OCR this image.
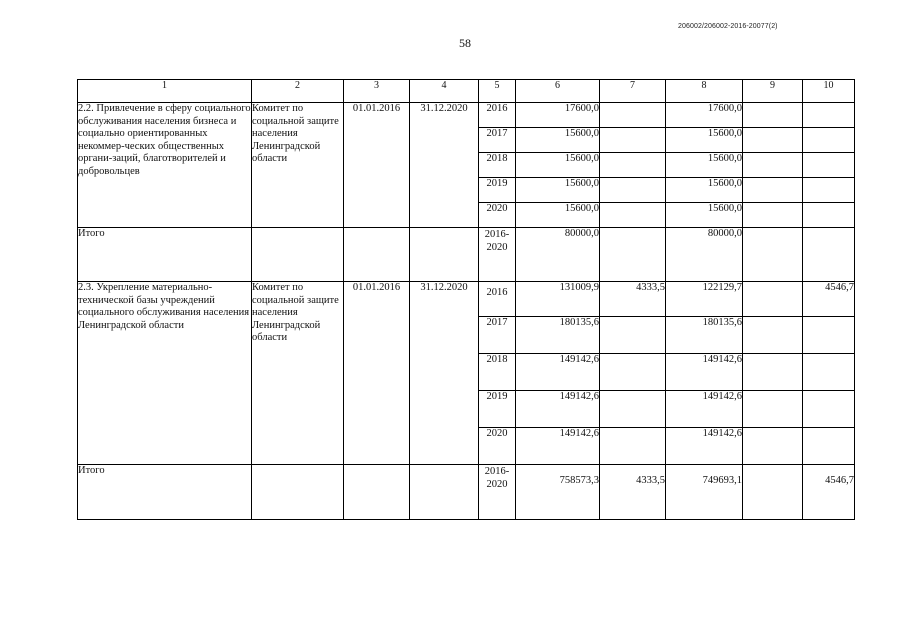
206002/206002-2016-20077(2)
58
1	2	3	4	5	6	7	8	9	10
2.2. Привлечение в сферу социального обслуживания населения бизнеса и социально ориентированных некоммер-ческих общественных органи-заций, благотворителей и добровольцев	Комитет по социальной защите населения Ленинградской области	01.01.2016	31.12.2020	2016	17600,0		17600,0		
				2017	15600,0		15600,0		
				2018	15600,0		15600,0		
				2019	15600,0		15600,0		
				2020	15600,0		15600,0		
Итого				2016-2020	80000,0		80000,0		
2.3. Укрепление материально-технической базы учреждений социального обслуживания населения Ленинградской области	Комитет по социальной защите населения Ленинградской области	01.01.2016	31.12.2020	2016	131009,9	4333,5	122129,7		4546,7
				2017	180135,6		180135,6		
				2018	149142,6		149142,6		
				2019	149142,6		149142,6		
				2020	149142,6		149142,6		
Итого				2016-2020	758573,3	4333,5	749693,1		4546,7
